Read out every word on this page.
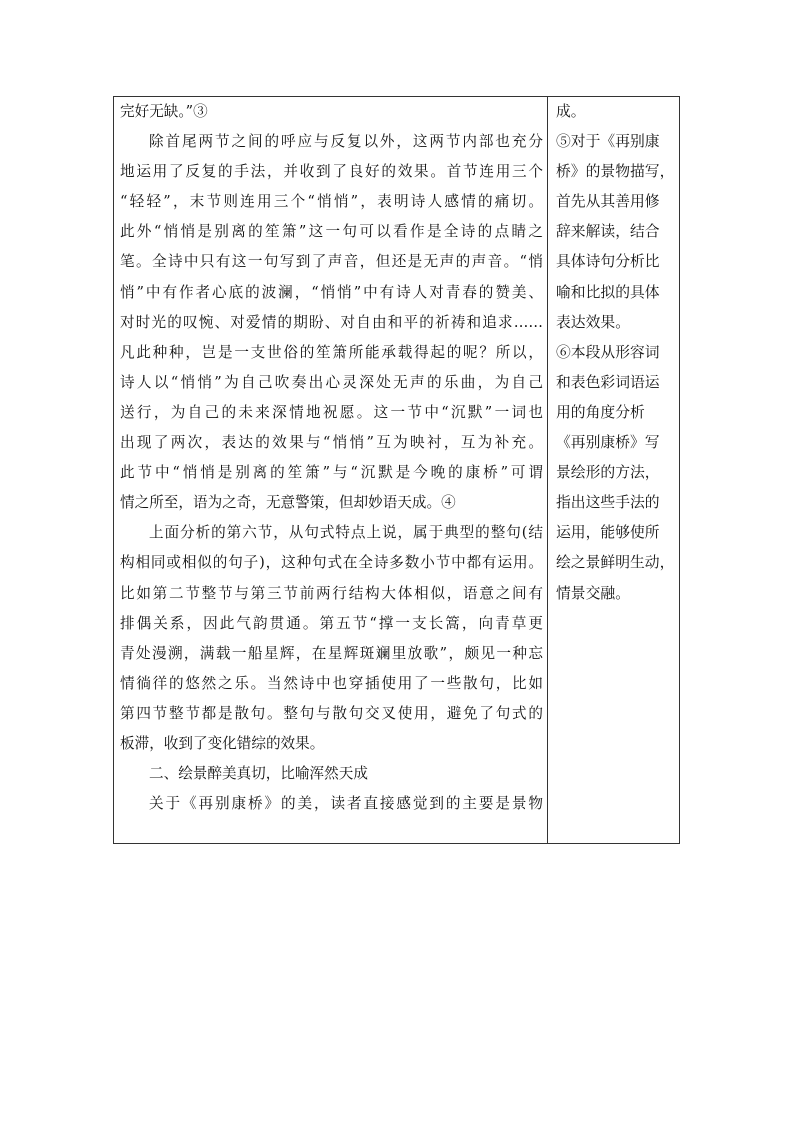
完好无缺。”③
除首尾两节之间的呼应与反复以外，这两节内部也充分
地运用了反复的手法，并收到了良好的效果。首节连用三个
“轻轻”，末节则连用三个“悄悄”，表明诗人感情的痛切。
此外“悄悄是别离的笙箫”这一句可以看作是全诗的点睛之
笔。全诗中只有这一句写到了声音，但还是无声的声音。“悄
悄”中有作者心底的波澜，“悄悄”中有诗人对青春的赞美、
对时光的叹惋、对爱情的期盼、对自由和平的祈祷和追求……
凡此种种，岂是一支世俗的笙箫所能承载得起的呢？所以，
诗人以“悄悄”为自己吹奏出心灵深处无声的乐曲，为自己
送行，为自己的未来深情地祝愿。这一节中“沉默”一词也
出现了两次，表达的效果与“悄悄”互为映衬，互为补充。
此节中“悄悄是别离的笙箫”与“沉默是今晚的康桥”可谓
情之所至，语为之奇，无意警策，但却妙语天成。④
上面分析的第六节，从句式特点上说，属于典型的整句(结
构相同或相似的句子)，这种句式在全诗多数小节中都有运用。
比如第二节整节与第三节前两行结构大体相似，语意之间有
排偶关系，因此气韵贯通。第五节“撑一支长篙，向青草更
青处漫溯，满载一船星辉，在星辉斑斓里放歌”，颇见一种忘
情徜徉的悠然之乐。当然诗中也穿插使用了一些散句，比如
第四节整节都是散句。整句与散句交叉使用，避免了句式的
板滞，收到了变化错综的效果。
二、绘景醉美真切，比喻浑然天成
关于《再别康桥》的美，读者直接感觉到的主要是景物
成。
⑤对于《再别康
桥》的景物描写，
首先从其善用修
辞来解读，结合
具体诗句分析比
喻和比拟的具体
表达效果。
⑥本段从形容词
和表色彩词语运
用的角度分析
《再别康桥》写
景绘形的方法，
指出这些手法的
运用，能够使所
绘之景鲜明生动，
情景交融。
